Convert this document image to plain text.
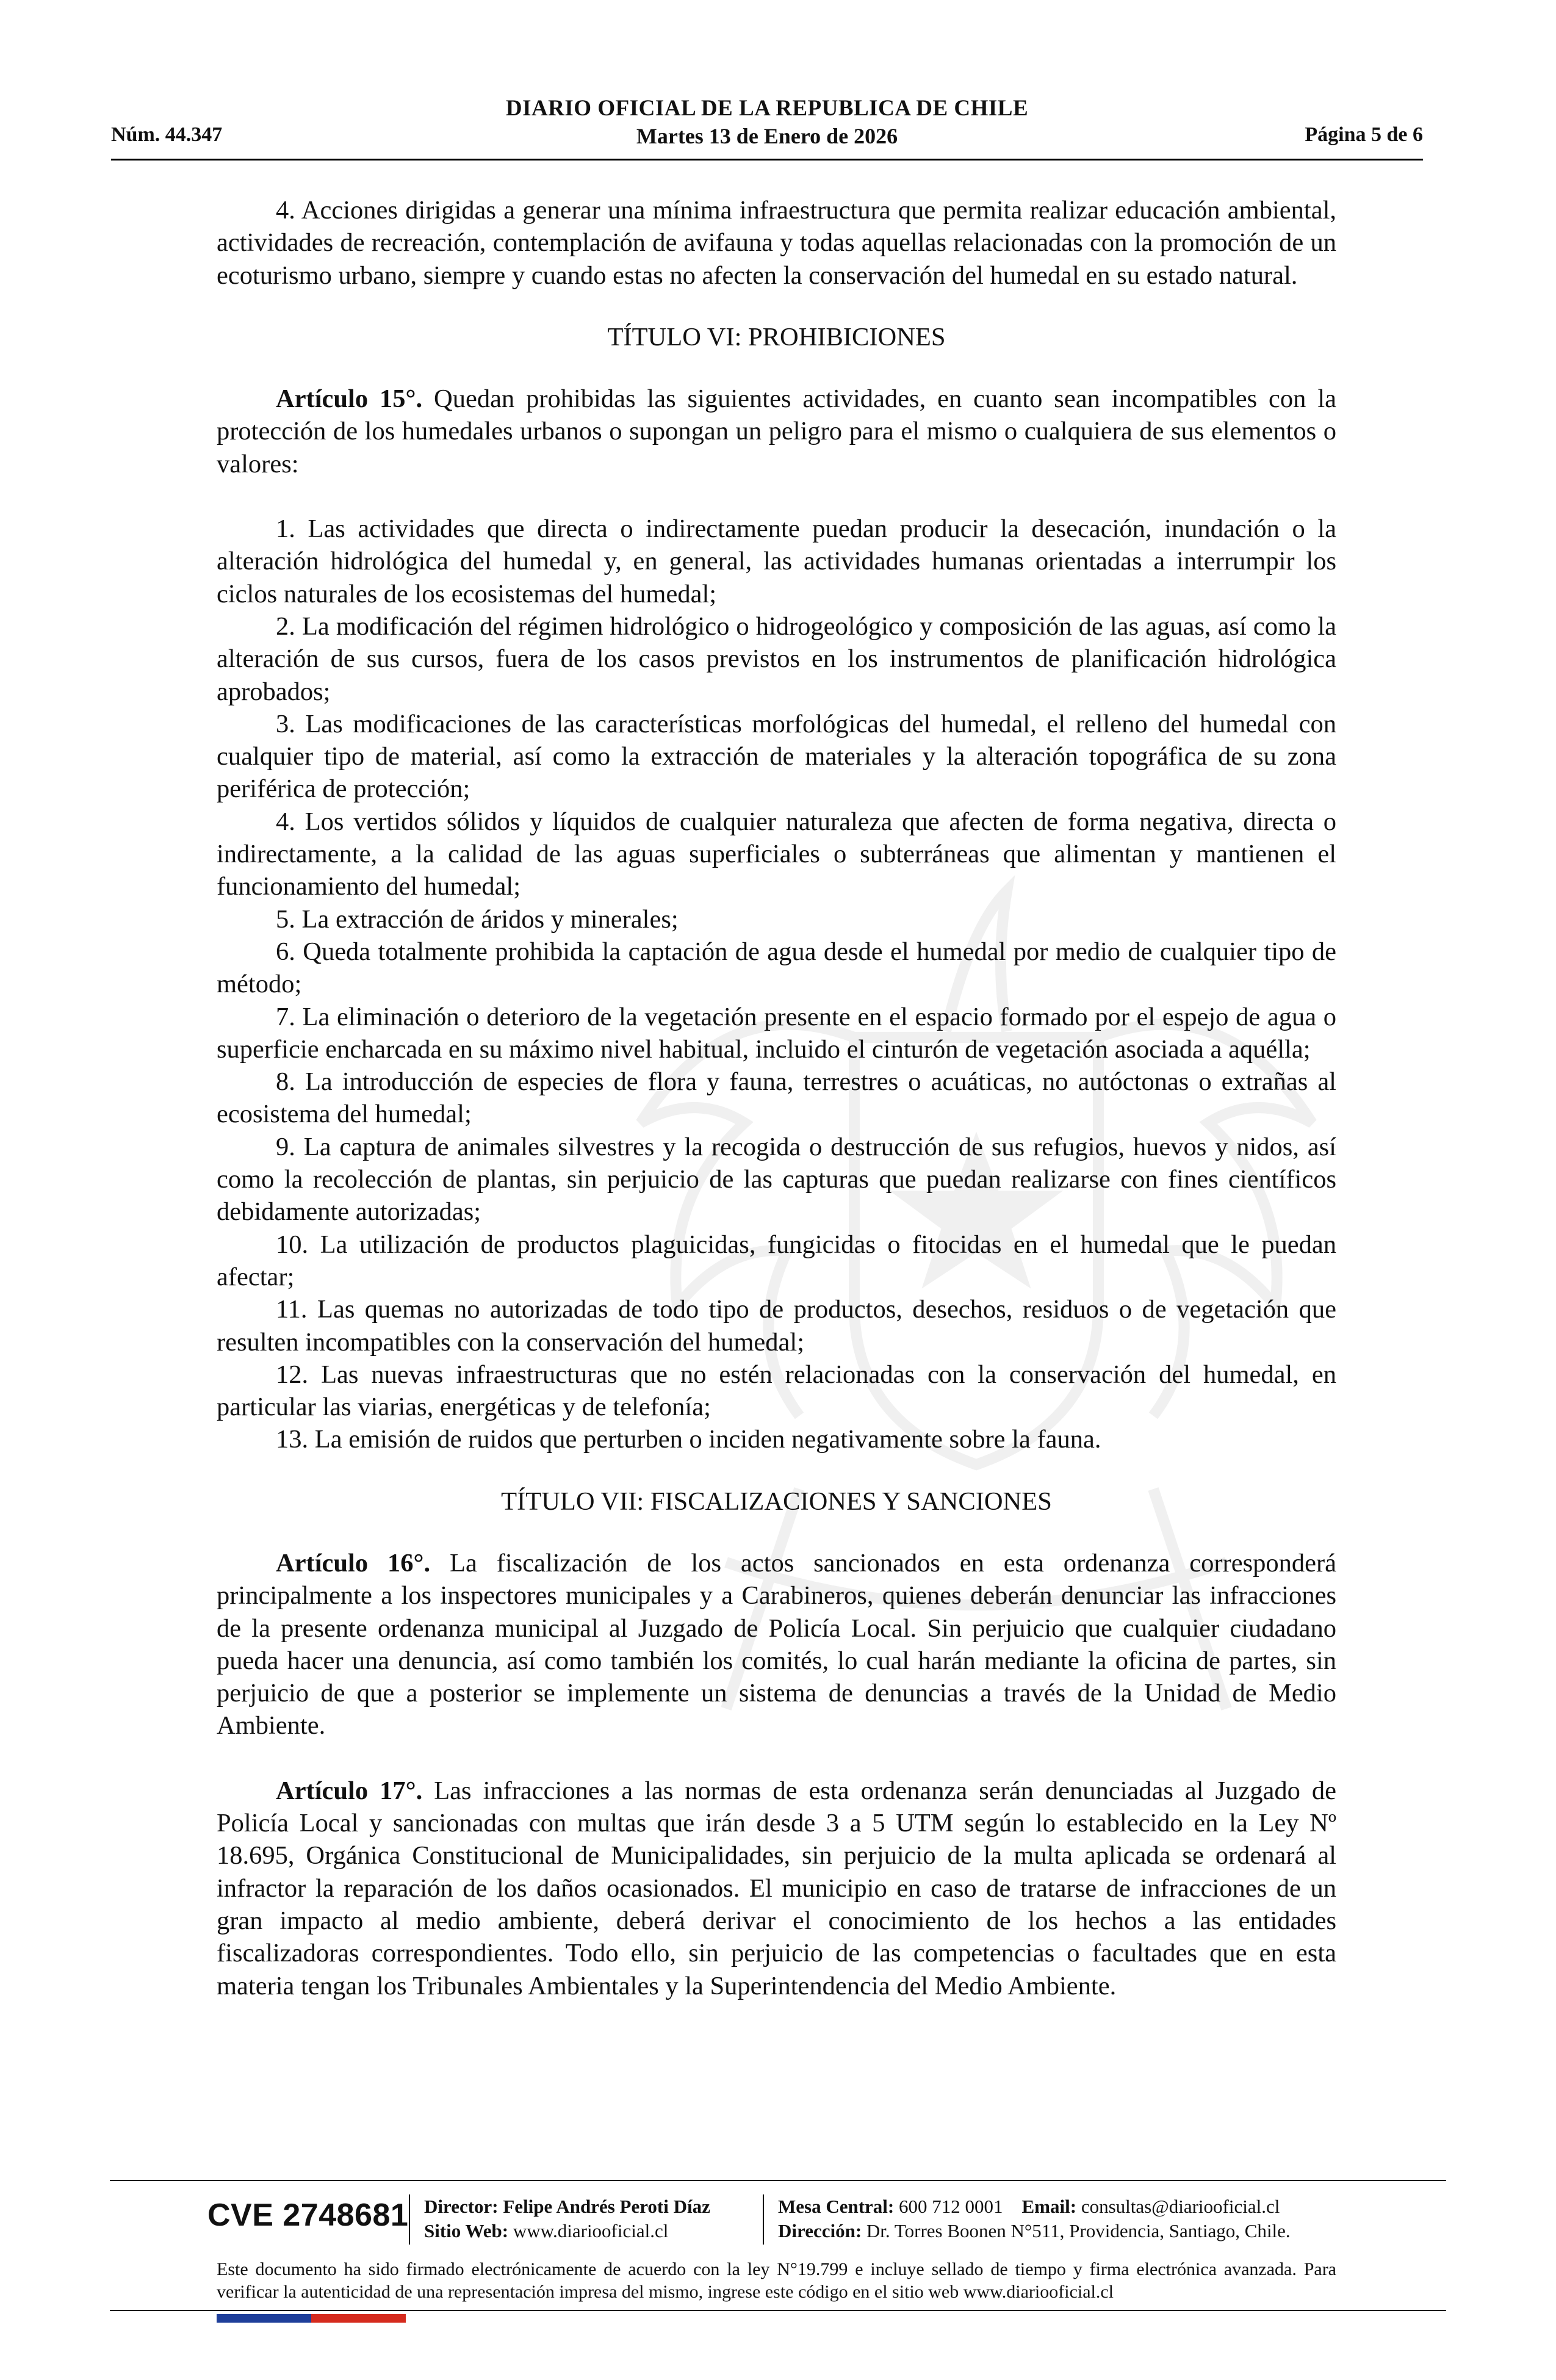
DIARIO OFICIAL DE LA REPUBLICA DE CHILE
Núm. 44.347	Martes 13 de Enero de 2026	Página 5 de 6

4. Acciones dirigidas a generar una mínima infraestructura que permita realizar educación ambiental, actividades de recreación, contemplación de avifauna y todas aquellas relacionadas con la promoción de un ecoturismo urbano, siempre y cuando estas no afecten la conservación del humedal en su estado natural.

TÍTULO VI: PROHIBICIONES

Artículo 15°. Quedan prohibidas las siguientes actividades, en cuanto sean incompatibles con la protección de los humedales urbanos o supongan un peligro para el mismo o cualquiera de sus elementos o valores:

1. Las actividades que directa o indirectamente puedan producir la desecación, inundación o la alteración hidrológica del humedal y, en general, las actividades humanas orientadas a interrumpir los ciclos naturales de los ecosistemas del humedal;

2. La modificación del régimen hidrológico o hidrogeológico y composición de las aguas, así como la alteración de sus cursos, fuera de los casos previstos en los instrumentos de planificación hidrológica aprobados;

3. Las modificaciones de las características morfológicas del humedal, el relleno del humedal con cualquier tipo de material, así como la extracción de materiales y la alteración topográfica de su zona periférica de protección;

4. Los vertidos sólidos y líquidos de cualquier naturaleza que afecten de forma negativa, directa o indirectamente, a la calidad de las aguas superficiales o subterráneas que alimentan y mantienen el funcionamiento del humedal;

5. La extracción de áridos y minerales;

6. Queda totalmente prohibida la captación de agua desde el humedal por medio de cualquier tipo de método;

7. La eliminación o deterioro de la vegetación presente en el espacio formado por el espejo de agua o superficie encharcada en su máximo nivel habitual, incluido el cinturón de vegetación asociada a aquélla;

8. La introducción de especies de flora y fauna, terrestres o acuáticas, no autóctonas o extrañas al ecosistema del humedal;

9. La captura de animales silvestres y la recogida o destrucción de sus refugios, huevos y nidos, así como la recolección de plantas, sin perjuicio de las capturas que puedan realizarse con fines científicos debidamente autorizadas;

10. La utilización de productos plaguicidas, fungicidas o fitocidas en el humedal que le puedan afectar;

11. Las quemas no autorizadas de todo tipo de productos, desechos, residuos o de vegetación que resulten incompatibles con la conservación del humedal;

12. Las nuevas infraestructuras que no estén relacionadas con la conservación del humedal, en particular las viarias, energéticas y de telefonía;

13. La emisión de ruidos que perturben o inciden negativamente sobre la fauna.

TÍTULO VII: FISCALIZACIONES Y SANCIONES

Artículo 16°. La fiscalización de los actos sancionados en esta ordenanza corresponderá principalmente a los inspectores municipales y a Carabineros, quienes deberán denunciar las infracciones de la presente ordenanza municipal al Juzgado de Policía Local. Sin perjuicio que cualquier ciudadano pueda hacer una denuncia, así como también los comités, lo cual harán mediante la oficina de partes, sin perjuicio de que a posterior se implemente un sistema de denuncias a través de la Unidad de Medio Ambiente.

Artículo 17°. Las infracciones a las normas de esta ordenanza serán denunciadas al Juzgado de Policía Local y sancionadas con multas que irán desde 3 a 5 UTM según lo establecido en la Ley Nº 18.695, Orgánica Constitucional de Municipalidades, sin perjuicio de la multa aplicada se ordenará al infractor la reparación de los daños ocasionados. El municipio en caso de tratarse de infracciones de un gran impacto al medio ambiente, deberá derivar el conocimiento de los hechos a las entidades fiscalizadoras correspondientes. Todo ello, sin perjuicio de las competencias o facultades que en esta materia tengan los Tribunales Ambientales y la Superintendencia del Medio Ambiente.

CVE 2748681 Director: Felipe Andrés Peroti Díaz
Sitio Web: www.diariooficial.cl
Mesa Central: 600 712 0001 Email: consultas@diariooficial.cl
Dirección: Dr. Torres Boonen N°511, Providencia, Santiago, Chile.
Este documento ha sido firmado electrónicamente de acuerdo con la ley N°19.799 e incluye sellado de tiempo y firma electrónica avanzada. Para verificar la autenticidad de una representación impresa del mismo, ingrese este código en el sitio web www.diariooficial.cl
